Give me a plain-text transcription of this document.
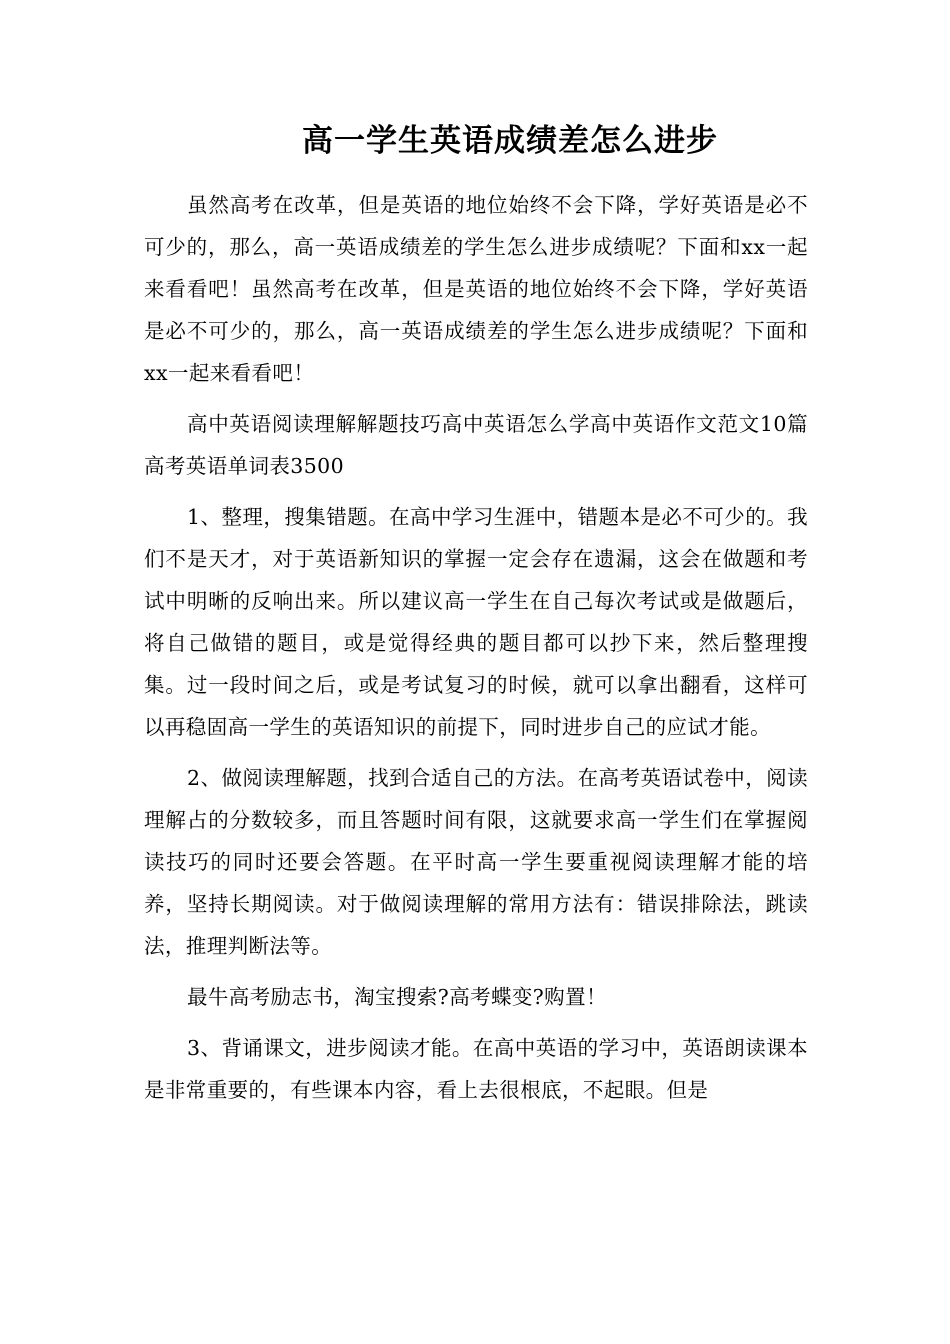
高一学生英语成绩差怎么进步

虽然高考在改革，但是英语的地位始终不会下降，学好英语是必不可少的，那么，高一英语成绩差的学生怎么进步成绩呢？下面和xx一起来看看吧！虽然高考在改革，但是英语的地位始终不会下降，学好英语是必不可少的，那么，高一英语成绩差的学生怎么进步成绩呢？下面和xx一起来看看吧！

高中英语阅读理解解题技巧高中英语怎么学高中英语作文范文10篇高考英语单词表3500

1、整理，搜集错题。在高中学习生涯中，错题本是必不可少的。我们不是天才，对于英语新知识的掌握一定会存在遗漏，这会在做题和考试中明晰的反响出来。所以建议高一学生在自己每次考试或是做题后，将自己做错的题目，或是觉得经典的题目都可以抄下来，然后整理搜集。过一段时间之后，或是考试复习的时候，就可以拿出翻看，这样可以再稳固高一学生的英语知识的前提下，同时进步自己的应试才能。

2、做阅读理解题，找到合适自己的方法。在高考英语试卷中，阅读理解占的分数较多，而且答题时间有限，这就要求高一学生们在掌握阅读技巧的同时还要会答题。在平时高一学生要重视阅读理解才能的培养，坚持长期阅读。对于做阅读理解的常用方法有：错误排除法，跳读法，推理判断法等。

最牛高考励志书，淘宝搜索?高考蝶变?购置！

3、背诵课文，进步阅读才能。在高中英语的学习中，英语朗读课本是非常重要的，有些课本内容，看上去很根底，不起眼。但是
